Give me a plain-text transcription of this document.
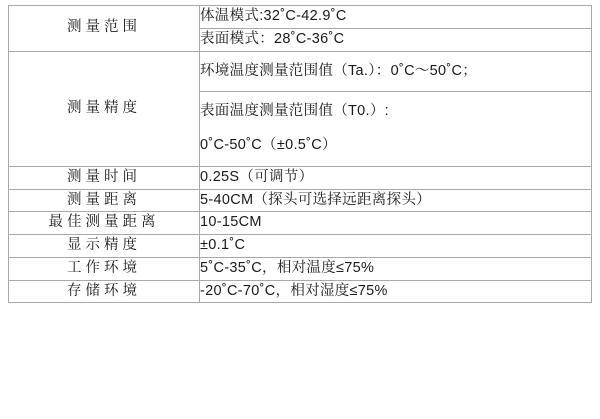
测量范围	体温模式:32˚C-42.9˚C
	表面模式：28˚C-36˚C
测量精度	环境温度测量范围值（Ta.）：0˚C～50˚C；

	表面温度测量范围值（T0.）:
0˚C-50˚C（±0.5˚C）

测量时间	0.25S（可调节）
测量距离	5-40CM（探头可选择远距离探头）
最佳测量距离	10-15CM
显示精度	±0.1˚C
工作环境	5˚C-35˚C，相对温度≤75%
存储环境	-20˚C-70˚C，相对湿度≤75%
